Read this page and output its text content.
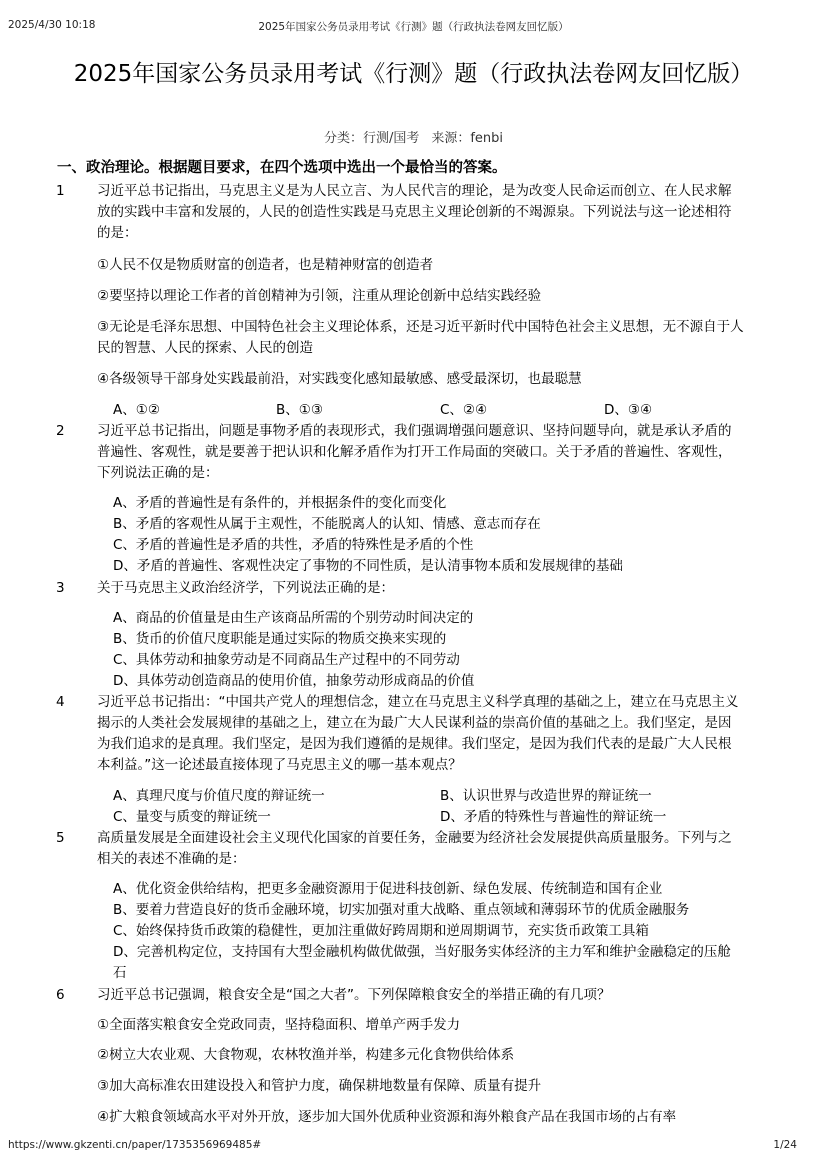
2025/4/30 10:18	2025年国家公务员录用考试《行测》题（行政执法卷网友回忆版）
2025年国家公务员录用考试《行测》题（行政执法卷网友回忆版）
分类：行测/国考 来源：fenbi
一、政治理论。根据题目要求，在四个选项中选出一个最恰当的答案。
1 习近平总书记指出，马克思主义是为人民立言、为人民代言的理论，是为改变人民命运而创立、在人民求解放的实践中丰富和发展的，人民的创造性实践是马克思主义理论创新的不竭源泉。下列说法与这一论述相符的是：
①人民不仅是物质财富的创造者，也是精神财富的创造者
②要坚持以理论工作者的首创精神为引领，注重从理论创新中总结实践经验
③无论是毛泽东思想、中国特色社会主义理论体系，还是习近平新时代中国特色社会主义思想，无不源自于人民的智慧、人民的探索、人民的创造
④各级领导干部身处实践最前沿，对实践变化感知最敏感、感受最深切，也最聪慧
A、①②	B、①③	C、②④	D、③④
2 习近平总书记指出，问题是事物矛盾的表现形式，我们强调增强问题意识、坚持问题导向，就是承认矛盾的普遍性、客观性，就是要善于把认识和化解矛盾作为打开工作局面的突破口。关于矛盾的普遍性、客观性，下列说法正确的是：
A、矛盾的普遍性是有条件的，并根据条件的变化而变化
B、矛盾的客观性从属于主观性，不能脱离人的认知、情感、意志而存在
C、矛盾的普遍性是矛盾的共性，矛盾的特殊性是矛盾的个性
D、矛盾的普遍性、客观性决定了事物的不同性质，是认清事物本质和发展规律的基础
3 关于马克思主义政治经济学，下列说法正确的是：
A、商品的价值量是由生产该商品所需的个别劳动时间决定的
B、货币的价值尺度职能是通过实际的物质交换来实现的
C、具体劳动和抽象劳动是不同商品生产过程中的不同劳动
D、具体劳动创造商品的使用价值，抽象劳动形成商品的价值
4 习近平总书记指出：“中国共产党人的理想信念，建立在马克思主义科学真理的基础之上，建立在马克思主义揭示的人类社会发展规律的基础之上，建立在为最广大人民谋利益的崇高价值的基础之上。我们坚定，是因为我们追求的是真理。我们坚定，是因为我们遵循的是规律。我们坚定，是因为我们代表的是最广大人民根本利益。”这一论述最直接体现了马克思主义的哪一基本观点？
A、真理尺度与价值尺度的辩证统一	B、认识世界与改造世界的辩证统一
C、量变与质变的辩证统一	D、矛盾的特殊性与普遍性的辩证统一
5 高质量发展是全面建设社会主义现代化国家的首要任务，金融要为经济社会发展提供高质量服务。下列与之相关的表述不准确的是：
A、优化资金供给结构，把更多金融资源用于促进科技创新、绿色发展、传统制造和国有企业
B、要着力营造良好的货币金融环境，切实加强对重大战略、重点领域和薄弱环节的优质金融服务
C、始终保持货币政策的稳健性，更加注重做好跨周期和逆周期调节，充实货币政策工具箱
D、完善机构定位，支持国有大型金融机构做优做强，当好服务实体经济的主力军和维护金融稳定的压舱石
6 习近平总书记强调，粮食安全是“国之大者”。下列保障粮食安全的举措正确的有几项？
①全面落实粮食安全党政同责，坚持稳面积、增单产两手发力
②树立大农业观、大食物观，农林牧渔并举，构建多元化食物供给体系
③加大高标准农田建设投入和管护力度，确保耕地数量有保障、质量有提升
④扩大粮食领域高水平对外开放，逐步加大国外优质种业资源和海外粮食产品在我国市场的占有率
https://www.gkzenti.cn/paper/1735356969485#	1/24
